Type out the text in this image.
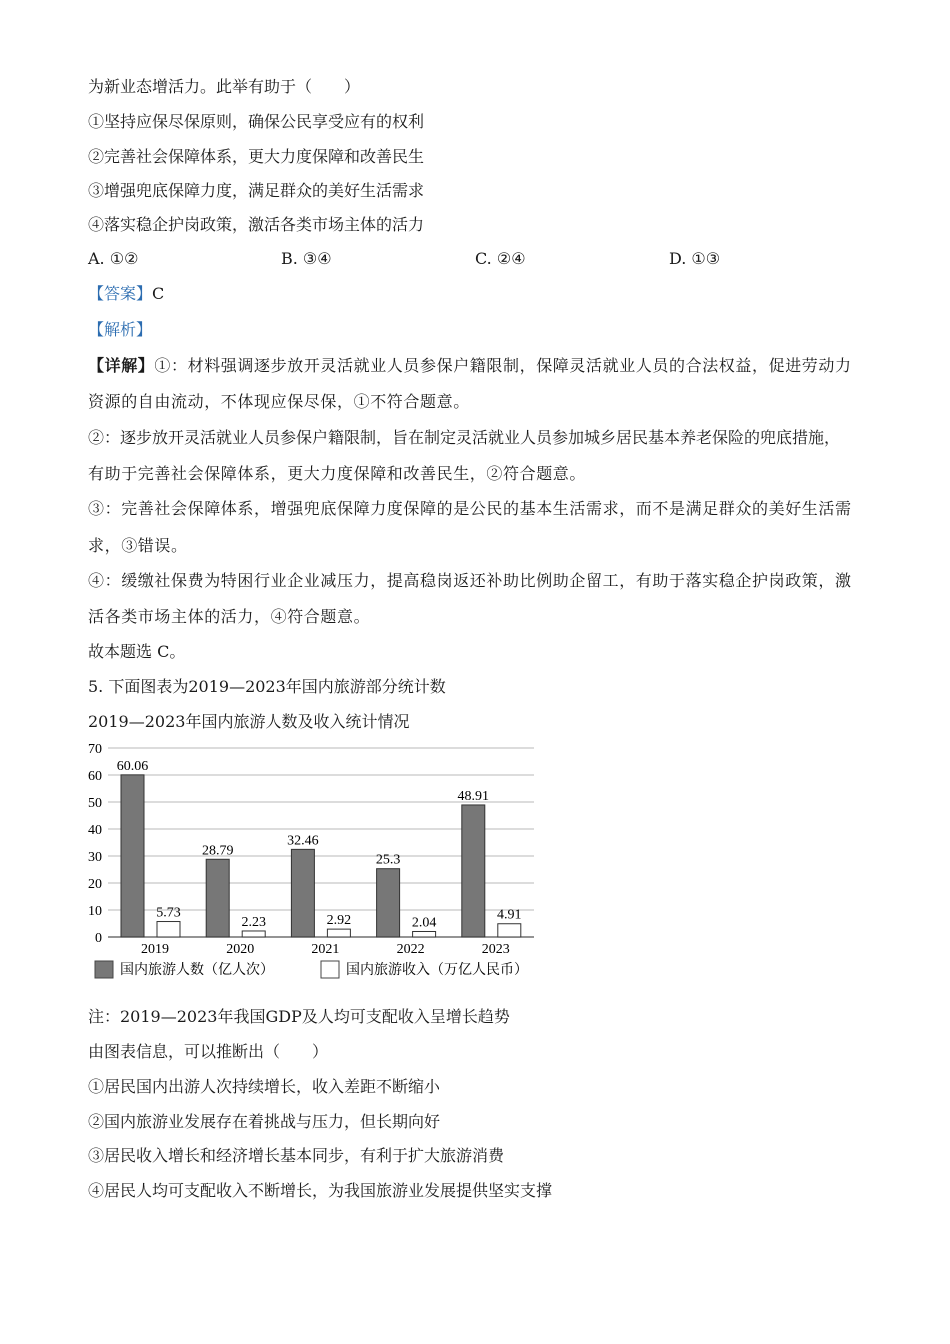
为新业态增活力。此举有助于（　　）
①坚持应保尽保原则，确保公民享受应有的权利
②完善社会保障体系，更大力度保障和改善民生
③增强兜底保障力度，满足群众的美好生活需求
④落实稳企护岗政策，激活各类市场主体的活力
A. ①②	B. ③④	C. ②④	D. ①③
【答案】C
【解析】
【详解】①：材料强调逐步放开灵活就业人员参保户籍限制，保障灵活就业人员的合法权益，促进劳动力
资源的自由流动，不体现应保尽保，①不符合题意。
②：逐步放开灵活就业人员参保户籍限制，旨在制定灵活就业人员参加城乡居民基本养老保险的兜底措施，
有助于完善社会保障体系，更大力度保障和改善民生，②符合题意。
③：完善社会保障体系，增强兜底保障力度保障的是公民的基本生活需求，而不是满足群众的美好生活需
求，③错误。
④：缓缴社保费为特困行业企业减压力，提高稳岗返还补助比例助企留工，有助于落实稳企护岗政策，激
活各类市场主体的活力，④符合题意。
故本题选 C。
5. 下面图表为2019—2023年国内旅游部分统计数
2019—2023年国内旅游人数及收入统计情况
0
10
20
30
40
50
60
70
60.06
5.73
2019
28.79
2.23
2020
32.46
2.92
2021
25.3
2.04
2022
48.91
4.91
2023
国内旅游人数（亿人次）	国内旅游收入（万亿人民币）
注：2019—2023年我国GDP及人均可支配收入呈增长趋势
由图表信息，可以推断出（　　）
①居民国内出游人次持续增长，收入差距不断缩小
②国内旅游业发展存在着挑战与压力，但长期向好
③居民收入增长和经济增长基本同步，有利于扩大旅游消费
④居民人均可支配收入不断增长，为我国旅游业发展提供坚实支撑
